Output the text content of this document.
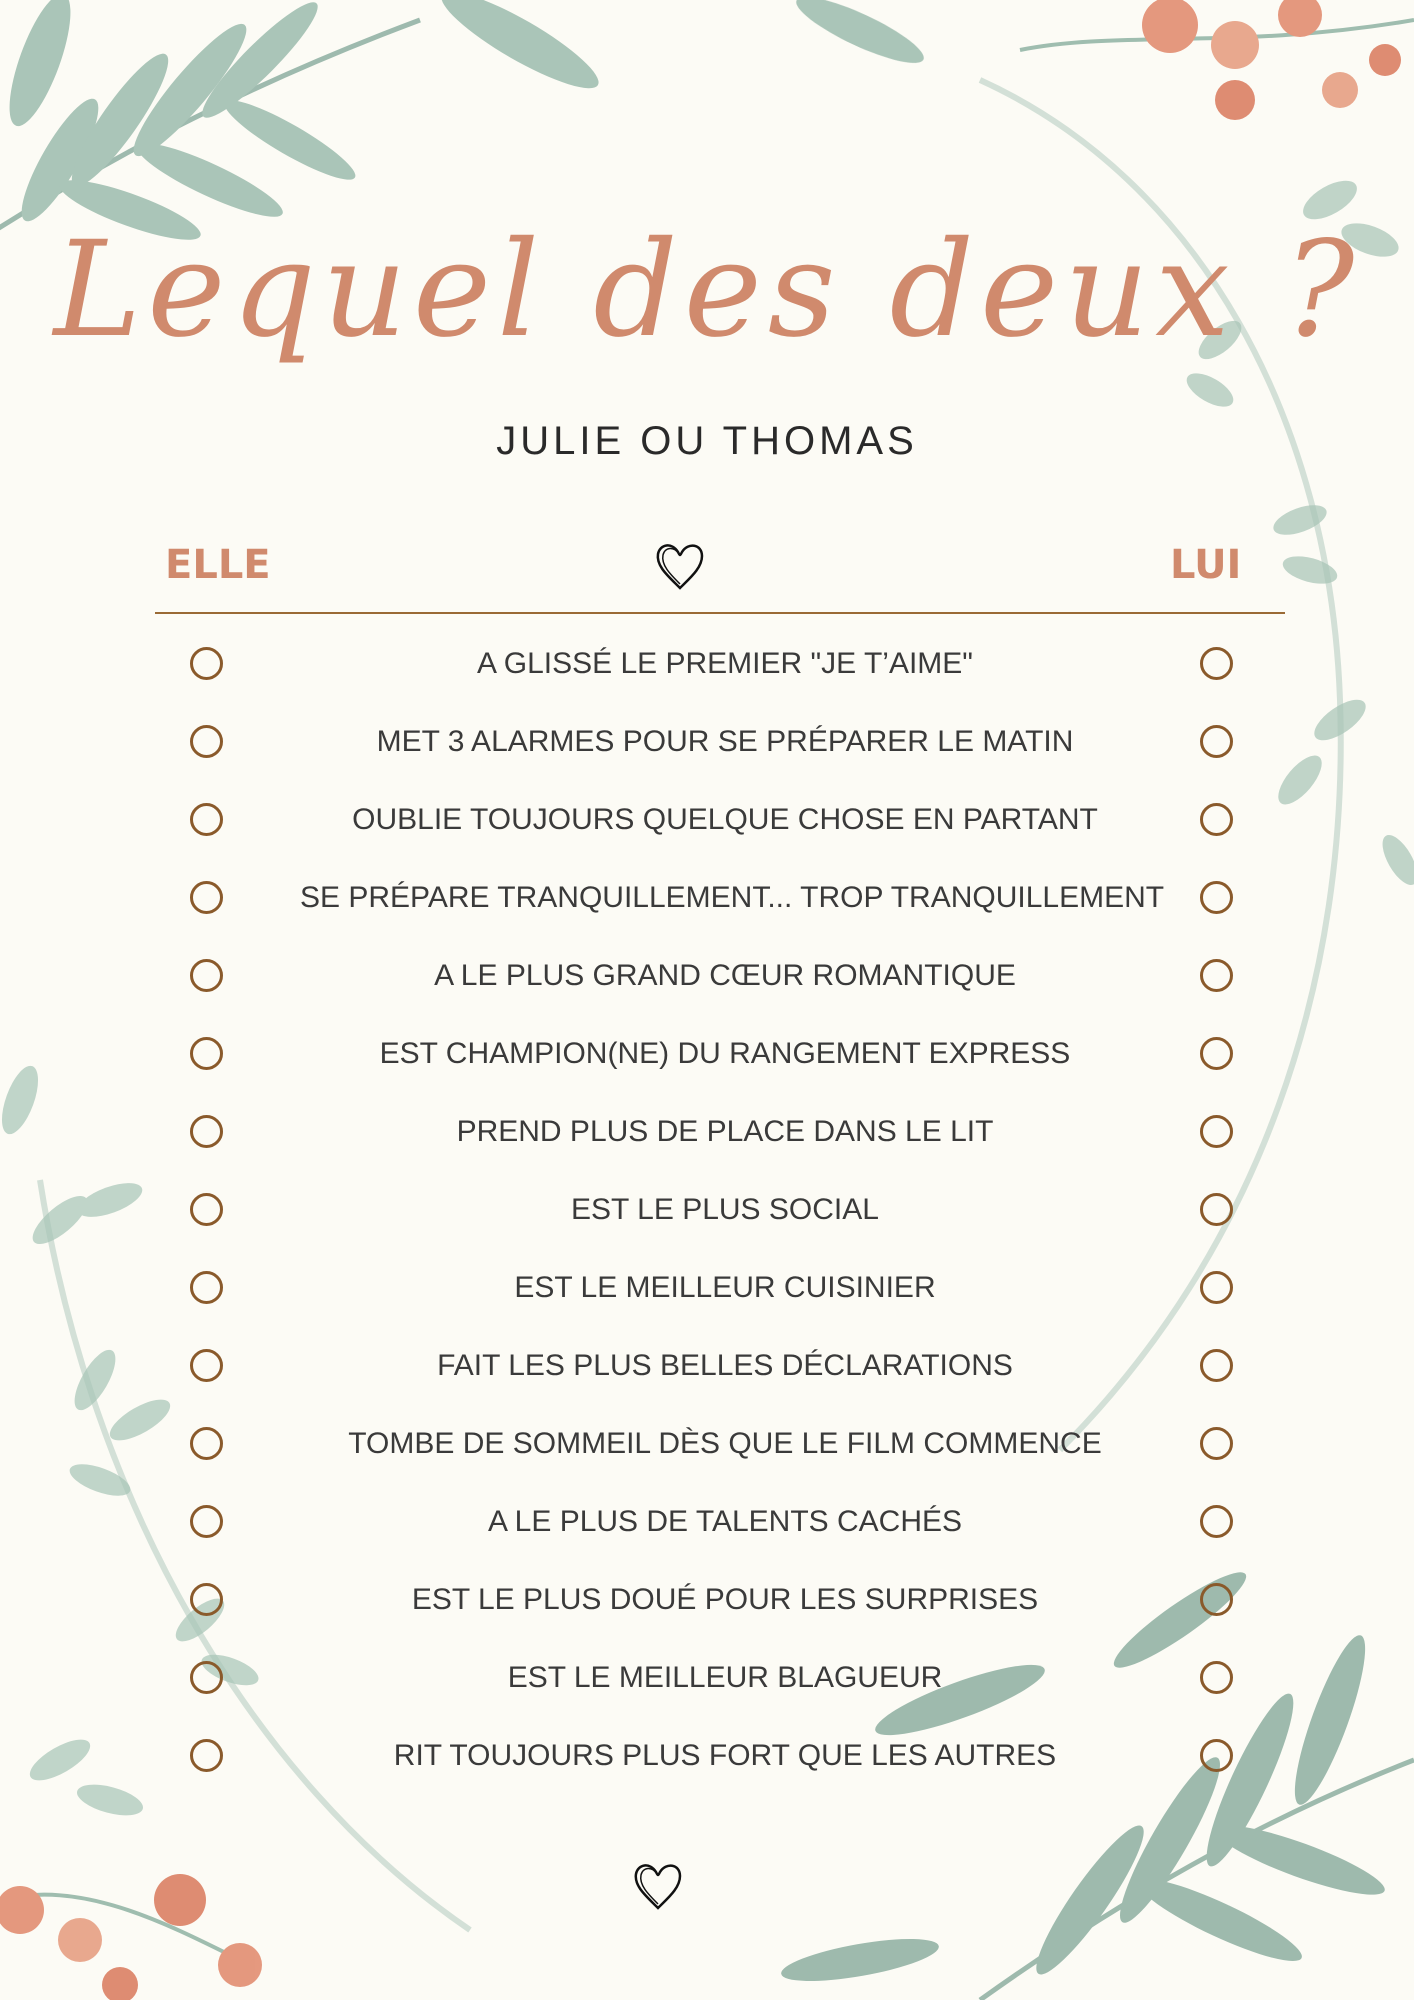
Lequel des deux ?
JULIE OU THOMAS
ELLE	LUI
A GLISSÉ LE PREMIER "JE T’AIME"
MET 3 ALARMES POUR SE PRÉPARER LE MATIN
OUBLIE TOUJOURS QUELQUE CHOSE EN PARTANT
SE PRÉPARE TRANQUILLEMENT... TROP TRANQUILLEMENT
A LE PLUS GRAND CŒUR ROMANTIQUE
EST CHAMPION(NE) DU RANGEMENT EXPRESS
PREND PLUS DE PLACE DANS LE LIT
EST LE PLUS SOCIAL
EST LE MEILLEUR CUISINIER
FAIT LES PLUS BELLES DÉCLARATIONS
TOMBE DE SOMMEIL DÈS QUE LE FILM COMMENCE
A LE PLUS DE TALENTS CACHÉS
EST LE PLUS DOUÉ POUR LES SURPRISES
EST LE MEILLEUR BLAGUEUR
RIT TOUJOURS PLUS FORT QUE LES AUTRES
